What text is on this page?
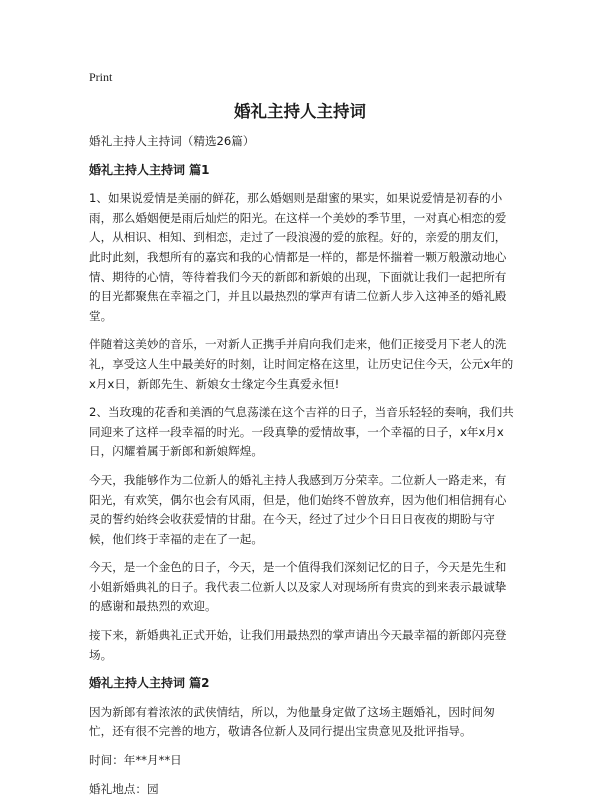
Print
婚礼主持人主持词

婚礼主持人主持词（精选26篇）

婚礼主持人主持词 篇1

1、如果说爱情是美丽的鲜花，那么婚姻则是甜蜜的果实，如果说爱情是初春的小雨，那么婚姻便是雨后灿烂的阳光。在这样一个美妙的季节里，一对真心相恋的爱人，从相识、相知、到相恋，走过了一段浪漫的爱的旅程。好的，亲爱的朋友们，此时此刻，我想所有的嘉宾和我的心情都是一样的，都是怀揣着一颗万般激动地心情、期待的心情，等待着我们今天的新郎和新娘的出现，下面就让我们一起把所有的目光都聚焦在幸福之门，并且以最热烈的掌声有请二位新人步入这神圣的婚礼殿堂。

伴随着这美妙的音乐，一对新人正携手并肩向我们走来，他们正接受月下老人的洗礼，享受这人生中最美好的时刻，让时间定格在这里，让历史记住今天，公元x年的x月x日，新郎先生、新娘女士缘定今生真爱永恒!

2、当玫瑰的花香和美酒的气息荡漾在这个吉祥的日子，当音乐轻轻的奏响，我们共同迎来了这样一段幸福的时光。一段真挚的爱情故事，一个幸福的日子，x年x月x日，闪耀着属于新郎和新娘辉煌。

今天，我能够作为二位新人的婚礼主持人我感到万分荣幸。二位新人一路走来，有阳光，有欢笑，偶尔也会有风雨，但是，他们始终不曾放弃，因为他们相信拥有心灵的誓约始终会收获爱情的甘甜。在今天，经过了过少个日日日夜夜的期盼与守候，他们终于幸福的走在了一起。

今天，是一个金色的日子，今天，是一个值得我们深刻记忆的日子，今天是先生和小姐新婚典礼的日子。我代表二位新人以及家人对现场所有贵宾的到来表示最诚挚的感谢和最热烈的欢迎。

接下来，新婚典礼正式开始，让我们用最热烈的掌声请出今天最幸福的新郎闪亮登场。

婚礼主持人主持词 篇2

因为新郎有着浓浓的武侠情结，所以，为他量身定做了这场主题婚礼，因时间匆忙，还有很不完善的地方，敬请各位新人及同行提出宝贵意见及批评指导。

时间：年**月**日

婚礼地点：园
